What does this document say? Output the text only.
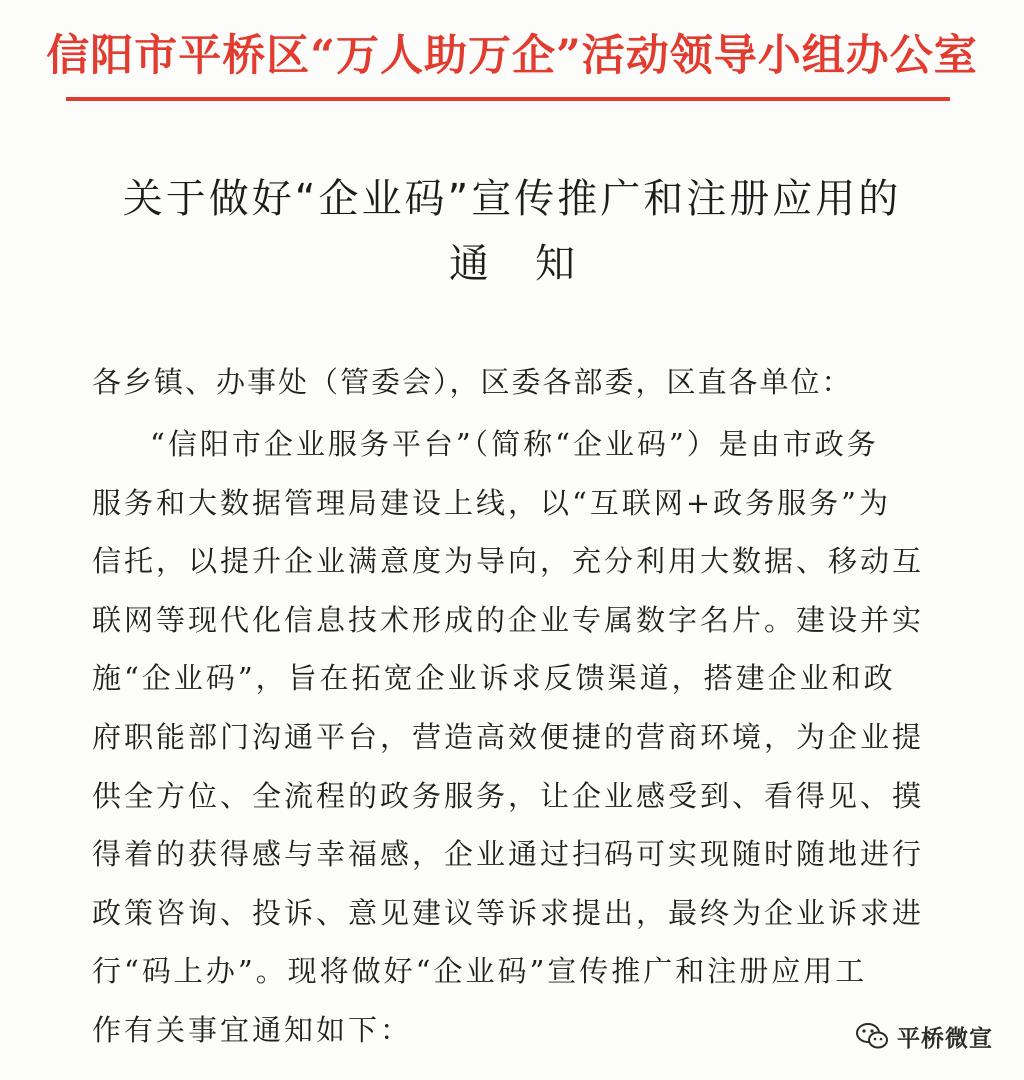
信阳市平桥区“万人助万企”活动领导小组办公室
关于做好“企业码”宣传推广和注册应用的
通知
各乡镇、办事处（管委会），区委各部委，区直各单位：
“信阳市企业服务平台”（简称“企业码”）是由市政务
服务和大数据管理局建设上线，以“互联网+政务服务”为
信托，以提升企业满意度为导向，充分利用大数据、移动互
联网等现代化信息技术形成的企业专属数字名片。建设并实
施“企业码”，旨在拓宽企业诉求反馈渠道，搭建企业和政
府职能部门沟通平台，营造高效便捷的营商环境，为企业提
供全方位、全流程的政务服务，让企业感受到、看得见、摸
得着的获得感与幸福感，企业通过扫码可实现随时随地进行
政策咨询、投诉、意见建议等诉求提出，最终为企业诉求进
行“码上办”。现将做好“企业码”宣传推广和注册应用工
作有关事宜通知如下：	平桥微宣
